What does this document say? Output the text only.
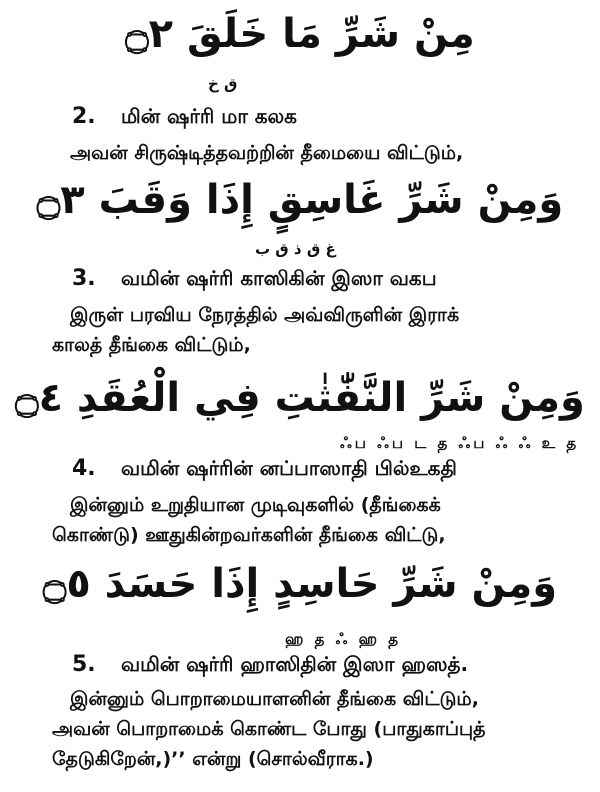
مِنْ شَرِّ مَا خَلَقَ ۝٢
ق خ
2. மின் ஷர்ரி மா கலக
அவன் சிருஷ்டித்தவற்றின் தீமையை விட்டும்,
وَمِنْ شَرِّ غَاسِقٍ إِذَا وَقَبَ ۝٣
غ ق ذ ق ب
3. வமின் ஷர்ரி காஸிகின் இஸா வகப
இருள் பரவிய நேரத்தில் அவ்விருளின் இராக்
காலத் தீங்கை விட்டும்,
وَمِنْ شَرِّ النَّفّٰثٰتِ فِي الْعُقَدِ ۝٤
ஃப ஃப ட த ஃப ஃ ஃ உ த
4. வமின் ஷர்ரின் னப்பாஸாதி பில்உகதி
இன்னும் உறுதியான முடிவுகளில் (தீங்கைக்
கொண்டு) ஊதுகின்றவர்களின் தீங்கை விட்டு,
وَمِنْ شَرِّ حَاسِدٍ إِذَا حَسَدَ ۝٥
ஹ த ஃ ஹ த
5. வமின் ஷர்ரி ஹாஸிதின் இஸா ஹஸத்.
இன்னும் பொறாமையாளனின் தீங்கை விட்டும்,
அவன் பொறாமைக் கொண்ட போது (பாதுகாப்புத்
தேடுகிறேன்,)’’ என்று (சொல்வீராக.)
